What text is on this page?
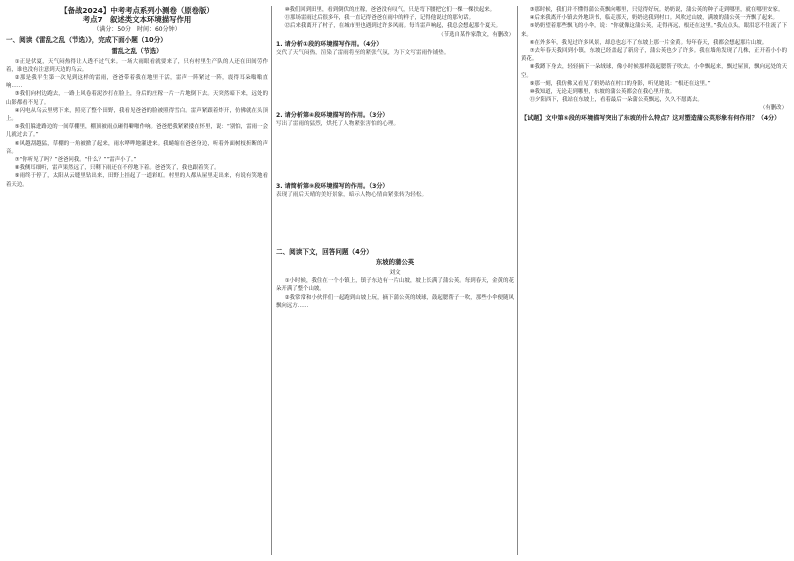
【备战2024】中考考点系列小测卷（原卷版）
考点7　叙述类文本环境描写作用
（满分：50分　时间：60分钟）
一、阅读《雷乱之乱（节选）》，完成下面小题（10分）
雷乱之乱（节选）

①正是伏夏，天气闷热得让人透不过气来。一场大雨眼看就要来了，只有村里生产队的人还在田间劳作着，谁也没有注意到天边的乌云。

②那是我平生第一次见到这样的雷雨，爸爸带着我在地里干活，雷声一阵紧过一阵，震得耳朵嗡嗡直响……

③我们向村边跑去，一路上风卷着泥沙打在脸上，身后的庄稼一片一片地倒下去。天突然暗下来，远处的山影都看不见了。

④闪电从乌云里劈下来，照亮了整个田野，我看见爸爸的脸被照得雪白。雷声紧跟着炸开，仿佛就在头顶上。

⑤我们躲进路边的一间草棚里，棚顶被雨点砸得噼啪作响。爸爸把我紧紧搂在怀里，说：“别怕，雷雨一会儿就过去了。”

⑥风越刮越猛，草棚的一角被掀了起来，雨水哗哗地灌进来。我蜷缩在爸爸身边，听着外面树枝折断的声音。

⑦“你听见了吗？”爸爸问我。“什么？”“雷声小了。”

⑧我侧耳细听，雷声果然远了，只剩下雨还在不停地下着。爸爸笑了，我也跟着笑了。

⑨雨终于停了，太阳从云缝里钻出来，田野上挂起了一道彩虹。村里的人都从屋里走出来，有说有笑地看着天边。

⑩我们回到田里，看到倒伏的庄稼，爸爸没有叹气，只是弯下腰把它们一棵一棵扶起来。

⑪那场雷雨过后很多年，我一直记得爸爸在雨中的样子，记得他说过的那句话。

⑫后来我离开了村子，在城市里也遇到过许多风雨。每当雷声响起，我总会想起那个夏天。

（节选自某作家散文，有删改）

1. 请分析①段的环境描写作用。（4分）
交代了天气闷热，渲染了雷雨将至的紧张气氛，为下文写雷雨作铺垫。
2. 请分析第④段环境描写的作用。（3分）
写出了雷雨的猛烈，烘托了人物紧张害怕的心理。
3. 请简析第⑨段环境描写的作用。（3分）
表现了雨后天晴的美好景象，暗示人物心情由紧张转为轻松。
二、阅读下文，回答问题（4分）
东坡的蒲公英
刘文

①小时候，我住在一个小镇上，镇子东边有一片山坡，坡上长满了蒲公英。每到春天，金黄的花朵开满了整个山坡。

②我常常和小伙伴们一起跑到山坡上玩，摘下蒲公英的绒球，鼓起腮帮子一吹，那些小伞便随风飘向远方……

③那时候，我们并不懂得蒲公英飘向哪里，只觉得好玩。奶奶说，蒲公英的种子走到哪里，就在哪里安家。

④后来我离开小镇去外地读书，临走那天，奶奶送我到村口。风吹过山坡，满坡的蒲公英一齐飘了起来。

⑤奶奶望着那些飘飞的小伞，说：“你就像这蒲公英，走得再远，根还在这里。”我点点头，眼泪忍不住流了下来。

⑥在外多年，我见过许多风景，却总也忘不了东坡上那一片金黄。每年春天，我都会想起那片山坡。

⑦去年春天我回到小镇，东坡已经盖起了新房子，蒲公英也少了许多。我在墙角发现了几株，正开着小小的黄花。

⑧我蹲下身去，轻轻摘下一朵绒球，像小时候那样鼓起腮帮子吹去。小伞飘起来，飘过屋顶，飘向远处的天空。

⑨那一刻，我仿佛又看见了奶奶站在村口的身影，听见她说：“根还在这里。”

⑩我知道，无论走到哪里，东坡的蒲公英都会在我心里开放。

⑪夕阳西下，我站在东坡上，看着最后一朵蒲公英飘远，久久不愿离去。

（有删改）

【试题】文中第⑤段的环境描写突出了东坡的什么特点？这对塑造蒲公英形象有何作用？（4分）
